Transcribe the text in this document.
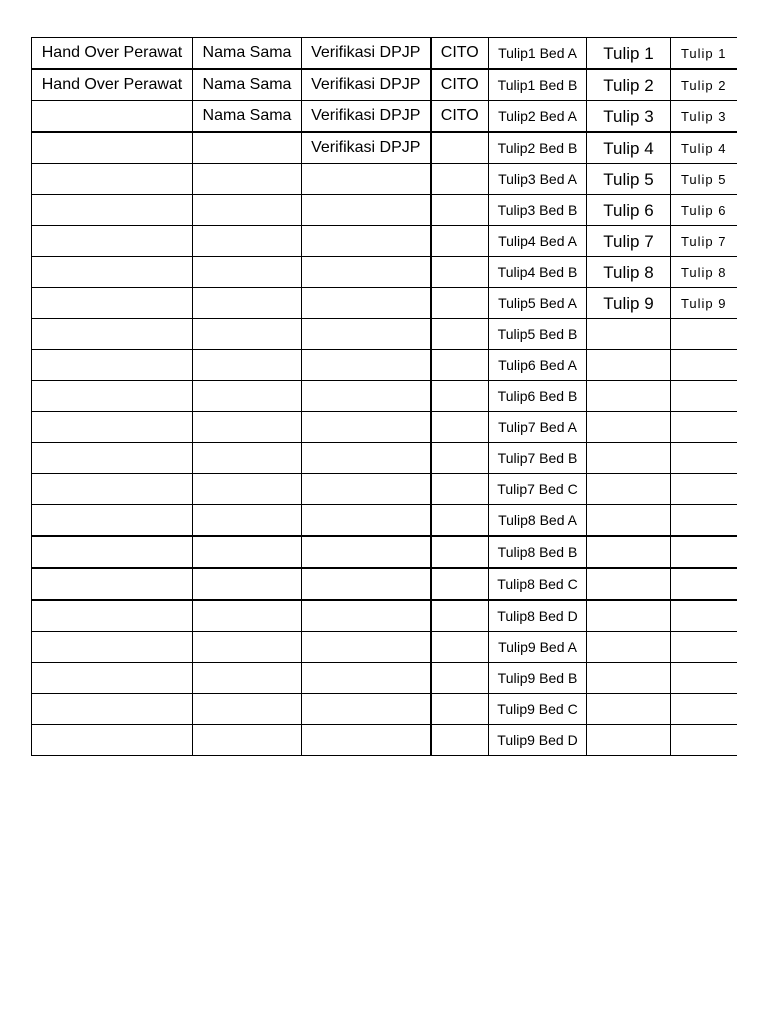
Hand Over Perawat	Nama Sama	Verifikasi DPJP	CITO	Tulip1 Bed A	Tulip 1	Tulip 1
Hand Over Perawat	Nama Sama	Verifikasi DPJP	CITO	Tulip1 Bed B	Tulip 2	Tulip 2
	Nama Sama	Verifikasi DPJP	CITO	Tulip2 Bed A	Tulip 3	Tulip 3
		Verifikasi DPJP		Tulip2 Bed B	Tulip 4	Tulip 4
				Tulip3 Bed A	Tulip 5	Tulip 5
				Tulip3 Bed B	Tulip 6	Tulip 6
				Tulip4 Bed A	Tulip 7	Tulip 7
				Tulip4 Bed B	Tulip 8	Tulip 8
				Tulip5 Bed A	Tulip 9	Tulip 9
				Tulip5 Bed B		
				Tulip6 Bed A		
				Tulip6 Bed B		
				Tulip7 Bed A		
				Tulip7 Bed B		
				Tulip7 Bed C		
				Tulip8 Bed A		
				Tulip8 Bed B		
				Tulip8 Bed C		
				Tulip8 Bed D		
				Tulip9 Bed A		
				Tulip9 Bed B		
				Tulip9 Bed C		
				Tulip9 Bed D		
